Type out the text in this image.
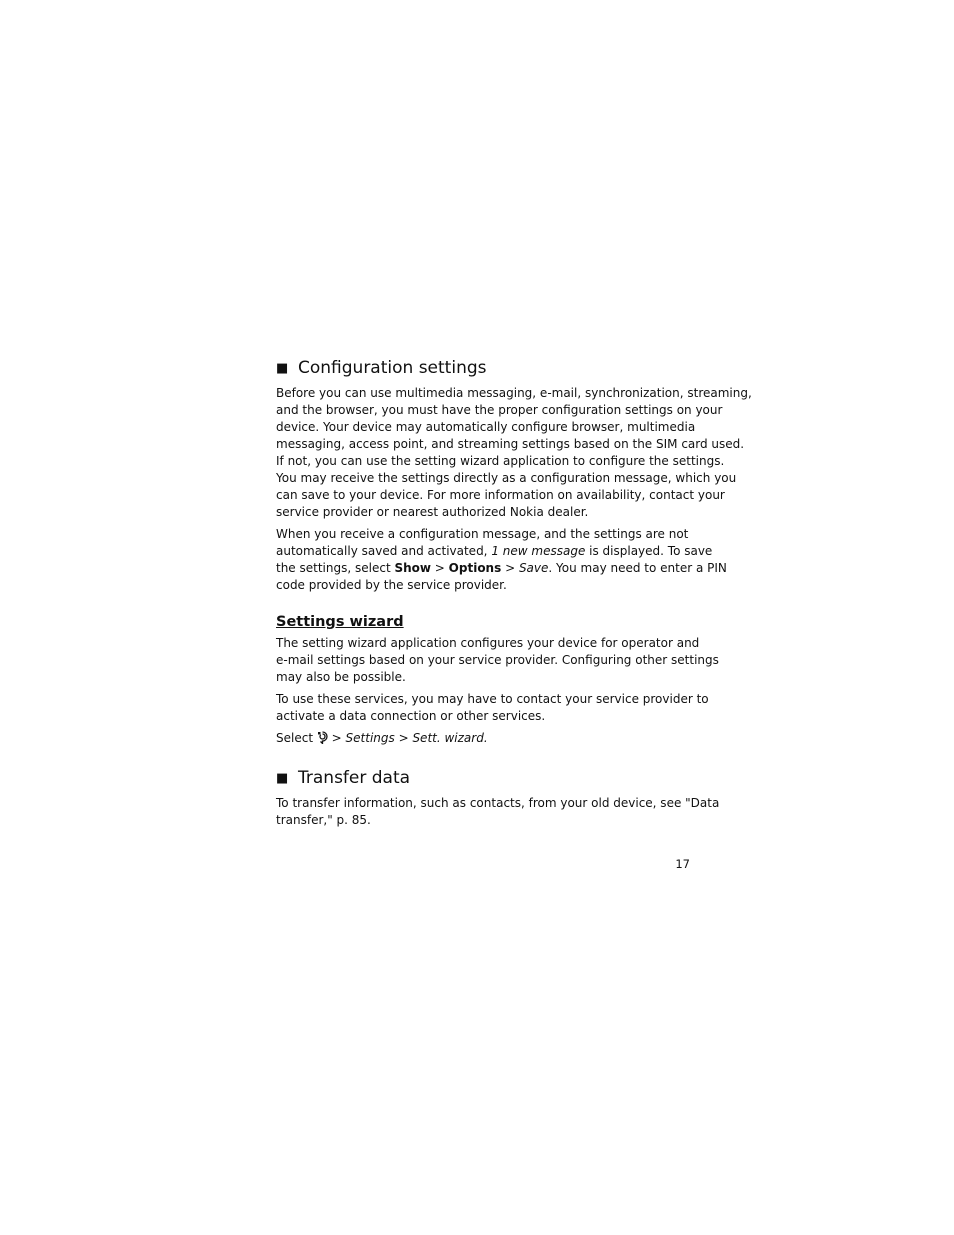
■ Configuration settings

Before you can use multimedia messaging, e-mail, synchronization, streaming,
and the browser, you must have the proper configuration settings on your
device. Your device may automatically configure browser, multimedia
messaging, access point, and streaming settings based on the SIM card used.
If not, you can use the setting wizard application to configure the settings.
You may receive the settings directly as a configuration message, which you
can save to your device. For more information on availability, contact your
service provider or nearest authorized Nokia dealer.

When you receive a configuration message, and the settings are not
automatically saved and activated, 1 new message is displayed. To save
the settings, select Show > Options > Save. You may need to enter a PIN
code provided by the service provider.

Settings wizard

The setting wizard application configures your device for operator and
e-mail settings based on your service provider. Configuring other settings
may also be possible.

To use these services, you may have to contact your service provider to
activate a data connection or other services.

Select  > Settings > Sett. wizard.

■ Transfer data

To transfer information, such as contacts, from your old device, see "Data
transfer," p. 85.

17
